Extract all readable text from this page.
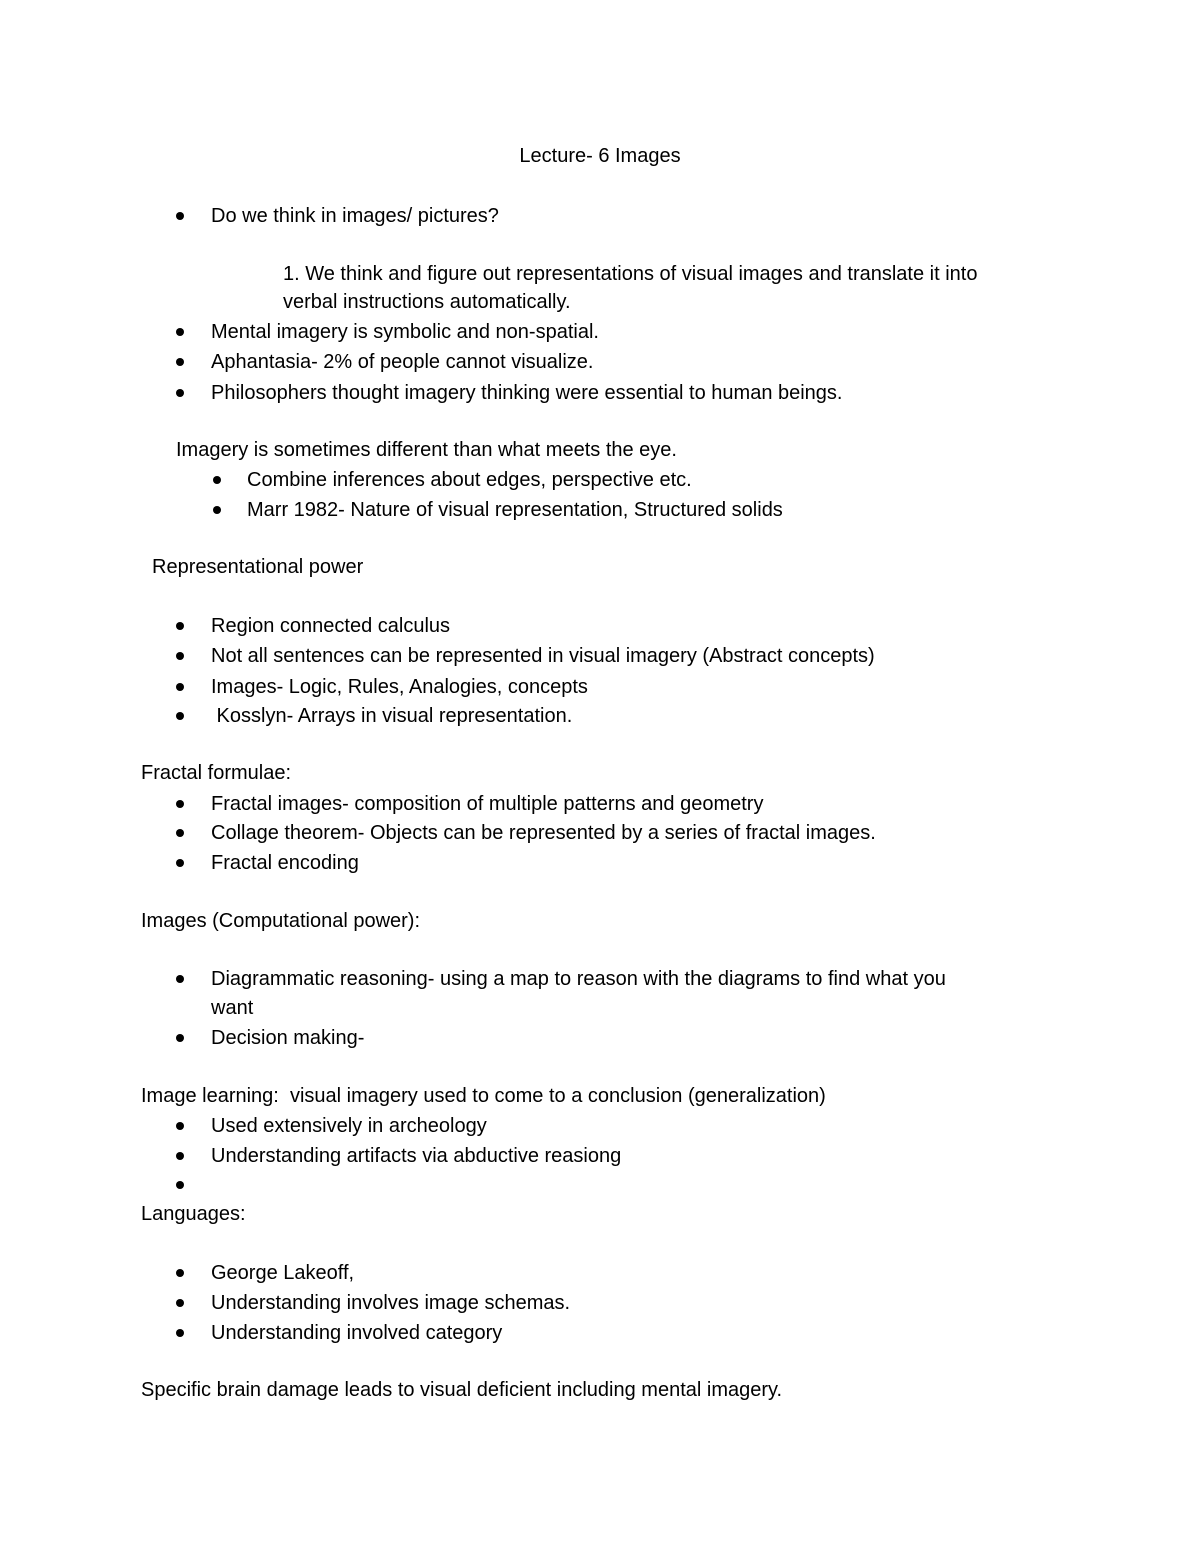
Lecture- 6 Images
Do we think in images/ pictures?
1. We think and figure out representations of visual images and translate it into
verbal instructions automatically.
Mental imagery is symbolic and non-spatial.
Aphantasia- 2% of people cannot visualize.
Philosophers thought imagery thinking were essential to human beings.
Imagery is sometimes different than what meets the eye.
Combine inferences about edges, perspective etc.
Marr 1982- Nature of visual representation, Structured solids
Representational power
Region connected calculus
Not all sentences can be represented in visual imagery (Abstract concepts)
Images- Logic, Rules, Analogies, concepts
Kosslyn- Arrays in visual representation.
Fractal formulae:
Fractal images- composition of multiple patterns and geometry
Collage theorem- Objects can be represented by a series of fractal images.
Fractal encoding
Images (Computational power):
Diagrammatic reasoning- using a map to reason with the diagrams to find what you
want
Decision making-
Image learning:  visual imagery used to come to a conclusion (generalization)
Used extensively in archeology
Understanding artifacts via abductive reasiong
Languages:
George Lakeoff,
Understanding involves image schemas.
Understanding involved category
Specific brain damage leads to visual deficient including mental imagery.
